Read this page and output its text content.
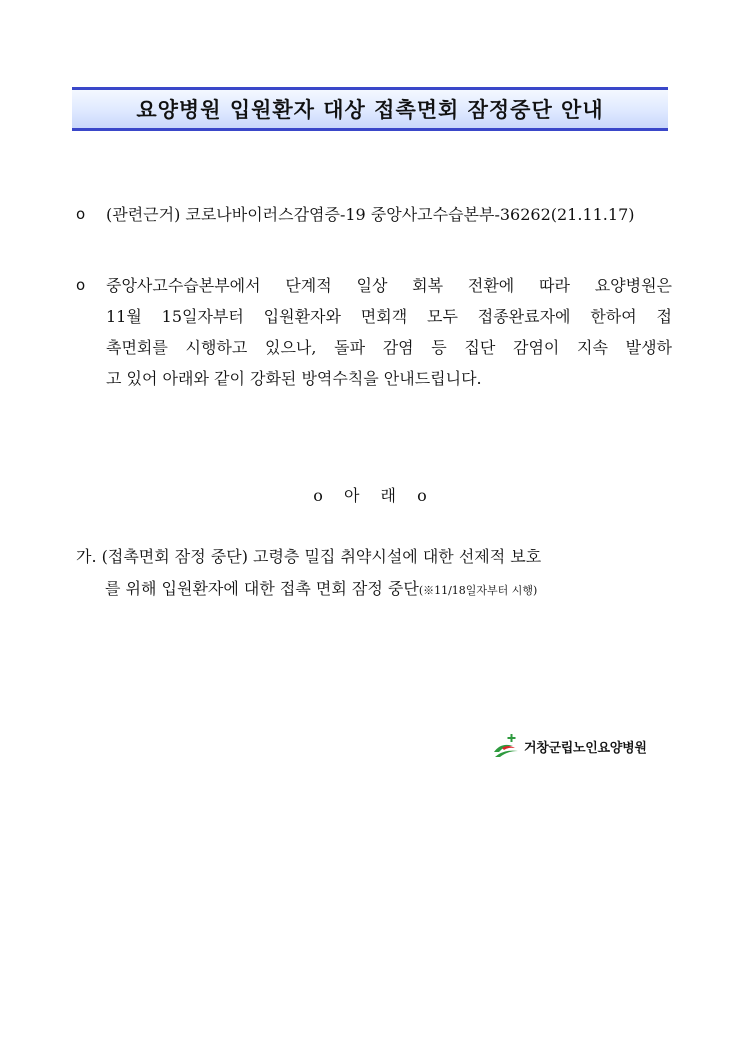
요양병원 입원환자 대상 접촉면회 잠정중단 안내
o	(관련근거) 코로나바이러스감염증-19 중앙사고수습본부-36262(21.11.17)
o	중앙사고수습본부에서 단계적 일상 회복 전환에 따라 요양병원은
11월 15일자부터 입원환자와 면회객 모두 접종완료자에 한하여 접
촉면회를 시행하고 있으나, 돌파 감염 등 집단 감염이 지속 발생하
고 있어 아래와 같이 강화된 방역수칙을 안내드립니다.
o 아 래 o
가. (접촉면회 잠정 중단) 고령층 밀집 취약시설에 대한 선제적 보호
를 위해 입원환자에 대한 접촉 면회 잠정 중단(※11/18일자부터 시행)
거창군립노인요양병원
